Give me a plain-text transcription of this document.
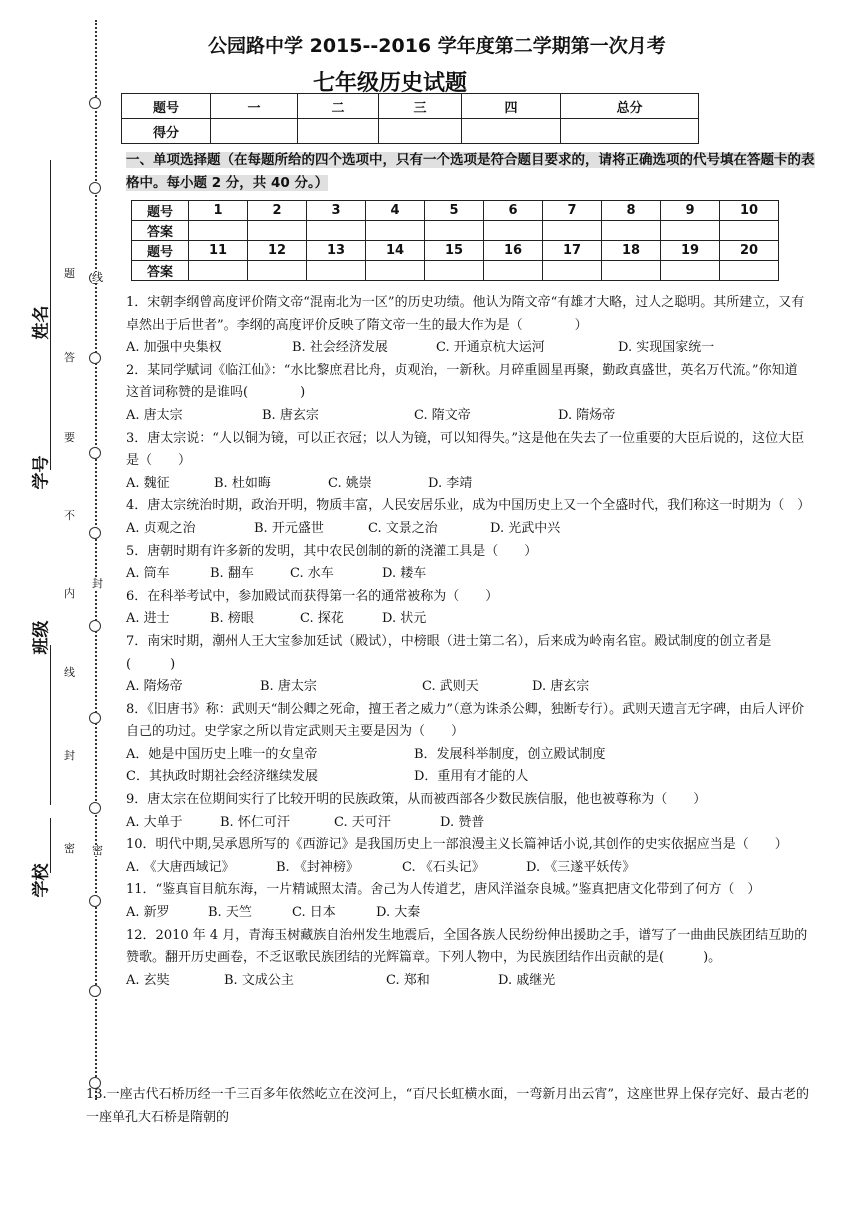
题
答
要
不
内
线
封
密
线
封
密
姓名
学号
班级
学校
公园路中学 2015--2016 学年度第二学期第一次月考
七年级历史试题
题号	一	二	三	四	总分
得分					
一、单项选择题（在每题所给的四个选项中，只有一个选项是符合题目要求的，请将正确选项的代号填在答题卡的表格中。每小题 2 分，共 40 分。）
题号	1	2	3	4	5	6	7	8	9	10
答案										
题号	11	12	13	14	15	16	17	18	19	20
答案										

1．宋朝李纲曾高度评价隋文帝“混南北为一区”的历史功绩。他认为隋文帝“有雄才大略，过人之聪明。其所建立，又有卓然出于后世者”。李纲的高度评价反映了隋文帝一生的最大作为是（　　　　）

A. 加强中央集权	B. 社会经济发展	C. 开通京杭大运河	D. 实现国家统一

2．某同学赋词《临江仙》：“水比黎庶君比舟，贞观治，一新秋。月碎重圆星再聚，勤政真盛世，英名万代流。”你知道这首词称赞的是谁吗(　　　　)

A. 唐太宗	B. 唐玄宗	C. 隋文帝	D. 隋炀帝

3．唐太宗说：“人以铜为镜，可以正衣冠；以人为镜，可以知得失。”这是他在失去了一位重要的大臣后说的，这位大臣是（　　）

A. 魏征	B. 杜如晦	C. 姚崇	D. 李靖

4．唐太宗统治时期，政治开明，物质丰富，人民安居乐业，成为中国历史上又一个全盛时代，我们称这一时期为（　）

A. 贞观之治	B. 开元盛世	C. 文景之治	D. 光武中兴

5．唐朝时期有许多新的发明，其中农民创制的新的浇灌工具是（　　）

A. 筒车	B. 翻车	C. 水车	D. 耧车

6．在科举考试中，参加殿试而获得第一名的通常被称为（　　）

A. 进士	B. 榜眼	C. 探花	D. 状元

7．南宋时期，潮州人王大宝参加廷试（殿试），中榜眼（进士第二名），后来成为岭南名宦。殿试制度的创立者是(　　　)

A. 隋炀帝	B. 唐太宗	C. 武则天	D. 唐玄宗

8．《旧唐书》称：武则天“制公卿之死命，擅王者之威力”（意为诛杀公卿，独断专行）。武则天遗言无字碑，由后人评价自己的功过。史学家之所以肯定武则天主要是因为（　　）

A．她是中国历史上唯一的女皇帝	B．发展科举制度，创立殿试制度

C．其执政时期社会经济继续发展	D．重用有才能的人

9．唐太宗在位期间实行了比较开明的民族政策，从而被西部各少数民族信服，他也被尊称为（　　）

A. 大单于	B. 怀仁可汗	C. 天可汗	D. 赞普

10．明代中期,吴承恩所写的《西游记》是我国历史上一部浪漫主义长篇神话小说,其创作的史实依据应当是（　　）

A. 《大唐西域记》	B. 《封神榜》	C. 《石头记》	D. 《三遂平妖传》

11．“鉴真盲目航东海，一片精诚照太清。舍己为人传道艺，唐风洋溢奈良城。”鉴真把唐文化带到了何方（　）

A. 新罗	B. 天竺	C. 日本	D. 大秦

12．2010 年 4 月，青海玉树藏族自治州发生地震后，全国各族人民纷纷伸出援助之手，谱写了一曲曲民族团结互助的赞歌。翻开历史画卷，不乏讴歌民族团结的光辉篇章。下列人物中，为民族团结作出贡献的是(　　　)。

A. 玄奘	B. 文成公主	C. 郑和	D. 戚继光

13.一座古代石桥历经一千三百多年依然屹立在洨河上，“百尺长虹横水面，一弯新月出云宵”，这座世界上保存完好、最古老的一座单孔大石桥是隋朝的
